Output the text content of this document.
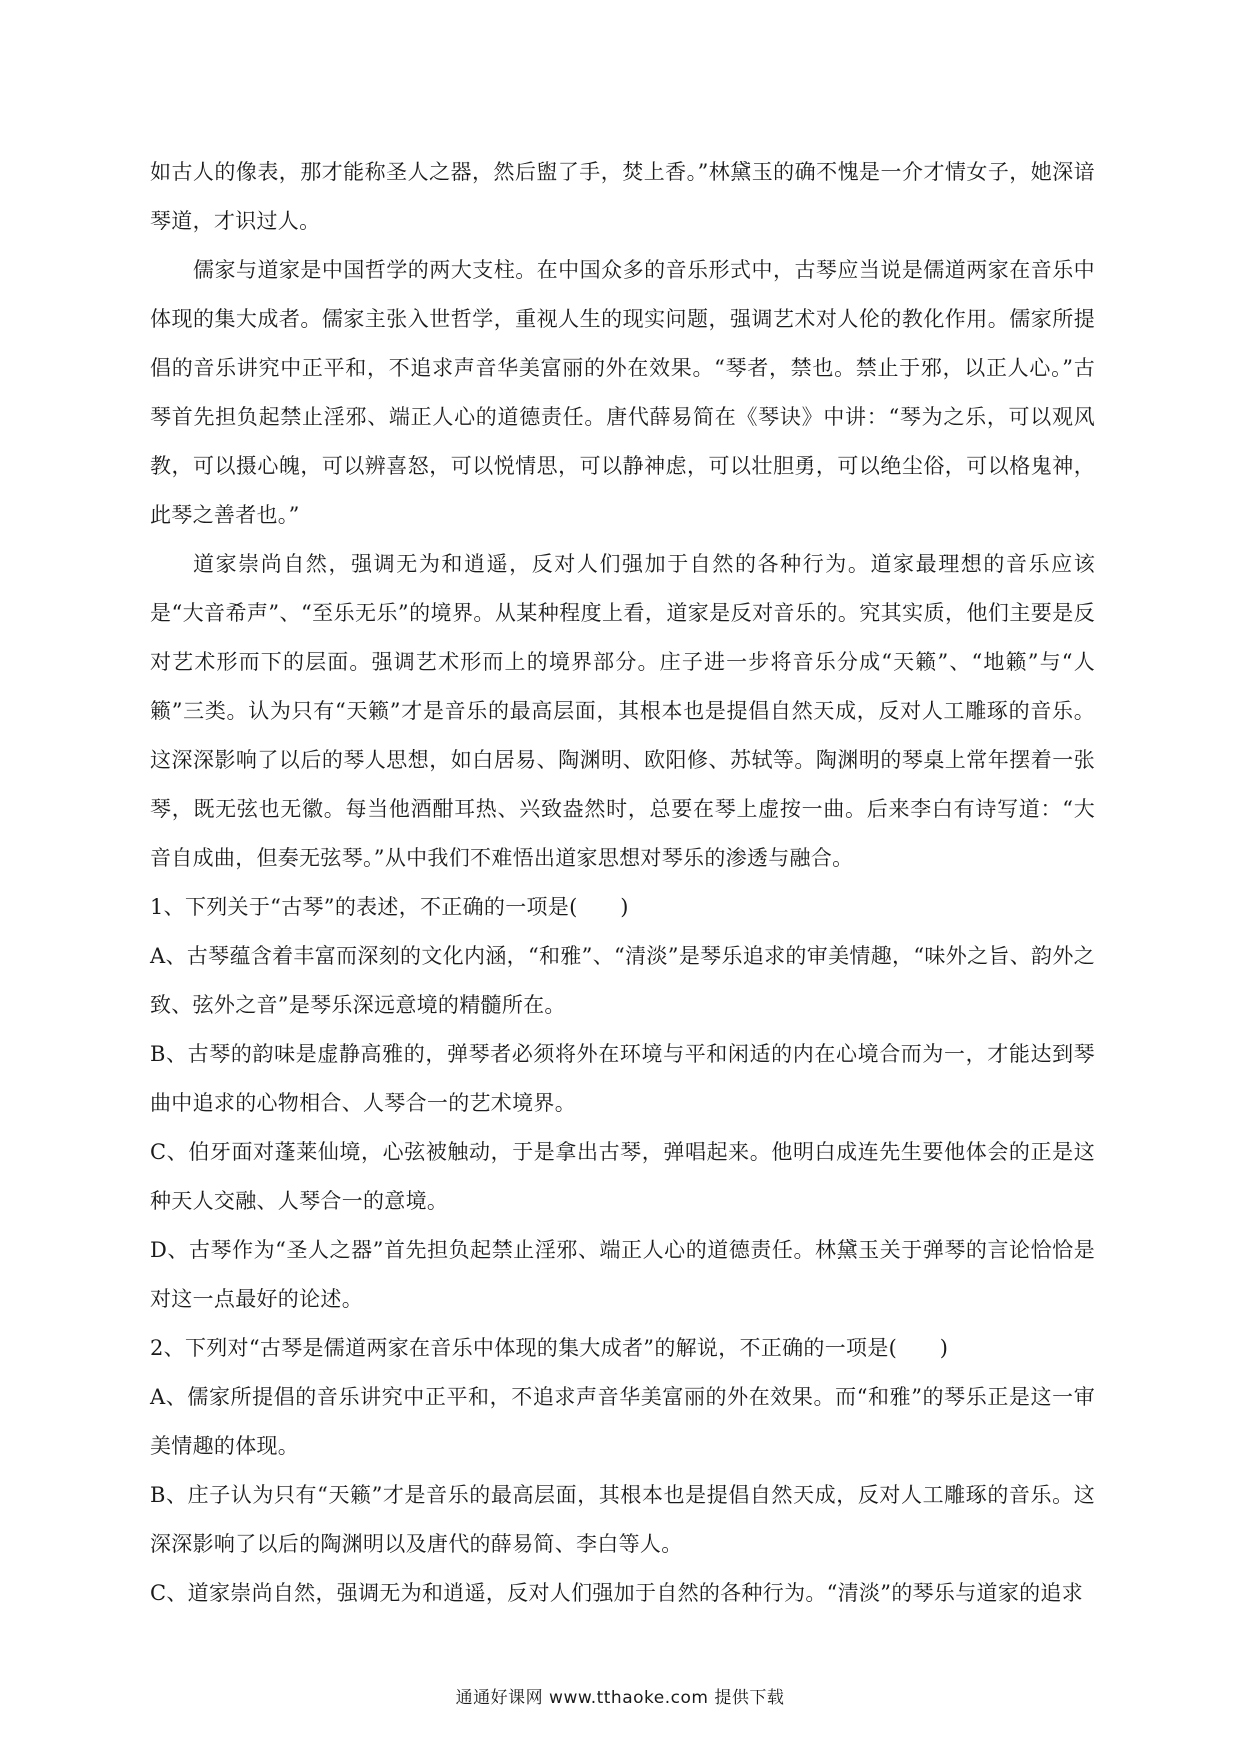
如古人的像表，那才能称圣人之器，然后盥了手，焚上香。”林黛玉的确不愧是一介才情女子，她深谙琴道，才识过人。

儒家与道家是中国哲学的两大支柱。在中国众多的音乐形式中，古琴应当说是儒道两家在音乐中体现的集大成者。儒家主张入世哲学，重视人生的现实问题，强调艺术对人伦的教化作用。儒家所提倡的音乐讲究中正平和，不追求声音华美富丽的外在效果。“琴者，禁也。禁止于邪，以正人心。”古琴首先担负起禁止淫邪、端正人心的道德责任。唐代薛易简在《琴诀》中讲：“琴为之乐，可以观风教，可以摄心魄，可以辨喜怒，可以悦情思，可以静神虑，可以壮胆勇，可以绝尘俗，可以格鬼神，此琴之善者也。”

道家崇尚自然，强调无为和逍遥，反对人们强加于自然的各种行为。道家最理想的音乐应该是“大音希声”、“至乐无乐”的境界。从某种程度上看，道家是反对音乐的。究其实质，他们主要是反对艺术形而下的层面。强调艺术形而上的境界部分。庄子进一步将音乐分成“天籁”、“地籁”与“人籁”三类。认为只有“天籁”才是音乐的最高层面，其根本也是提倡自然天成，反对人工雕琢的音乐。这深深影响了以后的琴人思想，如白居易、陶渊明、欧阳修、苏轼等。陶渊明的琴桌上常年摆着一张琴，既无弦也无徽。每当他酒酣耳热、兴致盎然时，总要在琴上虚按一曲。后来李白有诗写道：“大音自成曲，但奏无弦琴。”从中我们不难悟出道家思想对琴乐的渗透与融合。

1、下列关于“古琴”的表述，不正确的一项是(　　)

A、古琴蕴含着丰富而深刻的文化内涵，“和雅”、“清淡”是琴乐追求的审美情趣，“味外之旨、韵外之致、弦外之音”是琴乐深远意境的精髓所在。

B、古琴的韵味是虚静高雅的，弹琴者必须将外在环境与平和闲适的内在心境合而为一，才能达到琴曲中追求的心物相合、人琴合一的艺术境界。

C、伯牙面对蓬莱仙境，心弦被触动，于是拿出古琴，弹唱起来。他明白成连先生要他体会的正是这种天人交融、人琴合一的意境。

D、古琴作为“圣人之器”首先担负起禁止淫邪、端正人心的道德责任。林黛玉关于弹琴的言论恰恰是对这一点最好的论述。

2、下列对“古琴是儒道两家在音乐中体现的集大成者”的解说，不正确的一项是(　　)

A、儒家所提倡的音乐讲究中正平和，不追求声音华美富丽的外在效果。而“和雅”的琴乐正是这一审美情趣的体现。

B、庄子认为只有“天籁”才是音乐的最高层面，其根本也是提倡自然天成，反对人工雕琢的音乐。这深深影响了以后的陶渊明以及唐代的薛易简、李白等人。

C、道家崇尚自然，强调无为和逍遥，反对人们强加于自然的各种行为。“清淡”的琴乐与道家的追求

通通好课网 www.tthaoke.com 提供下载
